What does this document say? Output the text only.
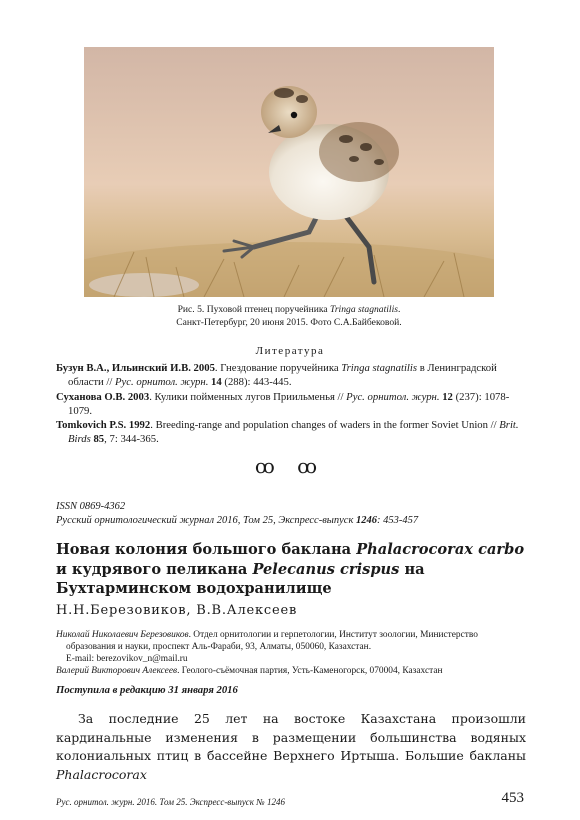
Рис. 5. Пуховой птенец поручейника Tringa stagnatilis.
Санкт-Петербург, 20 июня 2015. Фото С.А.Байбековой.
Литература

Бузун В.А., Ильинский И.В. 2005. Гнездование поручейника Tringa stagnatilis в Ленинградской области // Рус. орнитол. журн. 14 (288): 443-445.

Суханова О.В. 2003. Кулики пойменных лугов Приильменья // Рус. орнитол. журн. 12 (237): 1078-1079.

Tomkovich P.S. 1992. Breeding-range and population changes of waders in the former Soviet Union // Brit. Birds 85, 7: 344-365.

ꝏ ꝏ
ISSN 0869-4362
Русский орнитологический журнал 2016, Том 25, Экспресс-выпуск 1246: 453-457
Новая колония большого баклана Phalacrocorax carbo и кудрявого пеликана Pelecanus crispus на Бухтарминском водохранилище
Н.Н.Березовиков, В.В.Алексеев

Николай Николаевич Березовиков. Отдел орнитологии и герпетологии, Институт зоологии, Министерство образования и науки, проспект Аль-Фараби, 93, Алматы, 050060, Казахстан.
E-mail: berezovikov_n@mail.ru

Валерий Викторович Алексеев. Геолого-съёмочная партия, Усть-Каменогорск, 070004, Казахстан

Поступила в редакцию 31 января 2016

За последние 25 лет на востоке Казахстана произошли кардинальные изменения в размещении большинства водяных колониальных птиц в бассейне Верхнего Иртыша. Большие бакланы Phalacrocorax

Рус. орнитол. журн. 2016. Том 25. Экспресс-выпуск № 1246	453
